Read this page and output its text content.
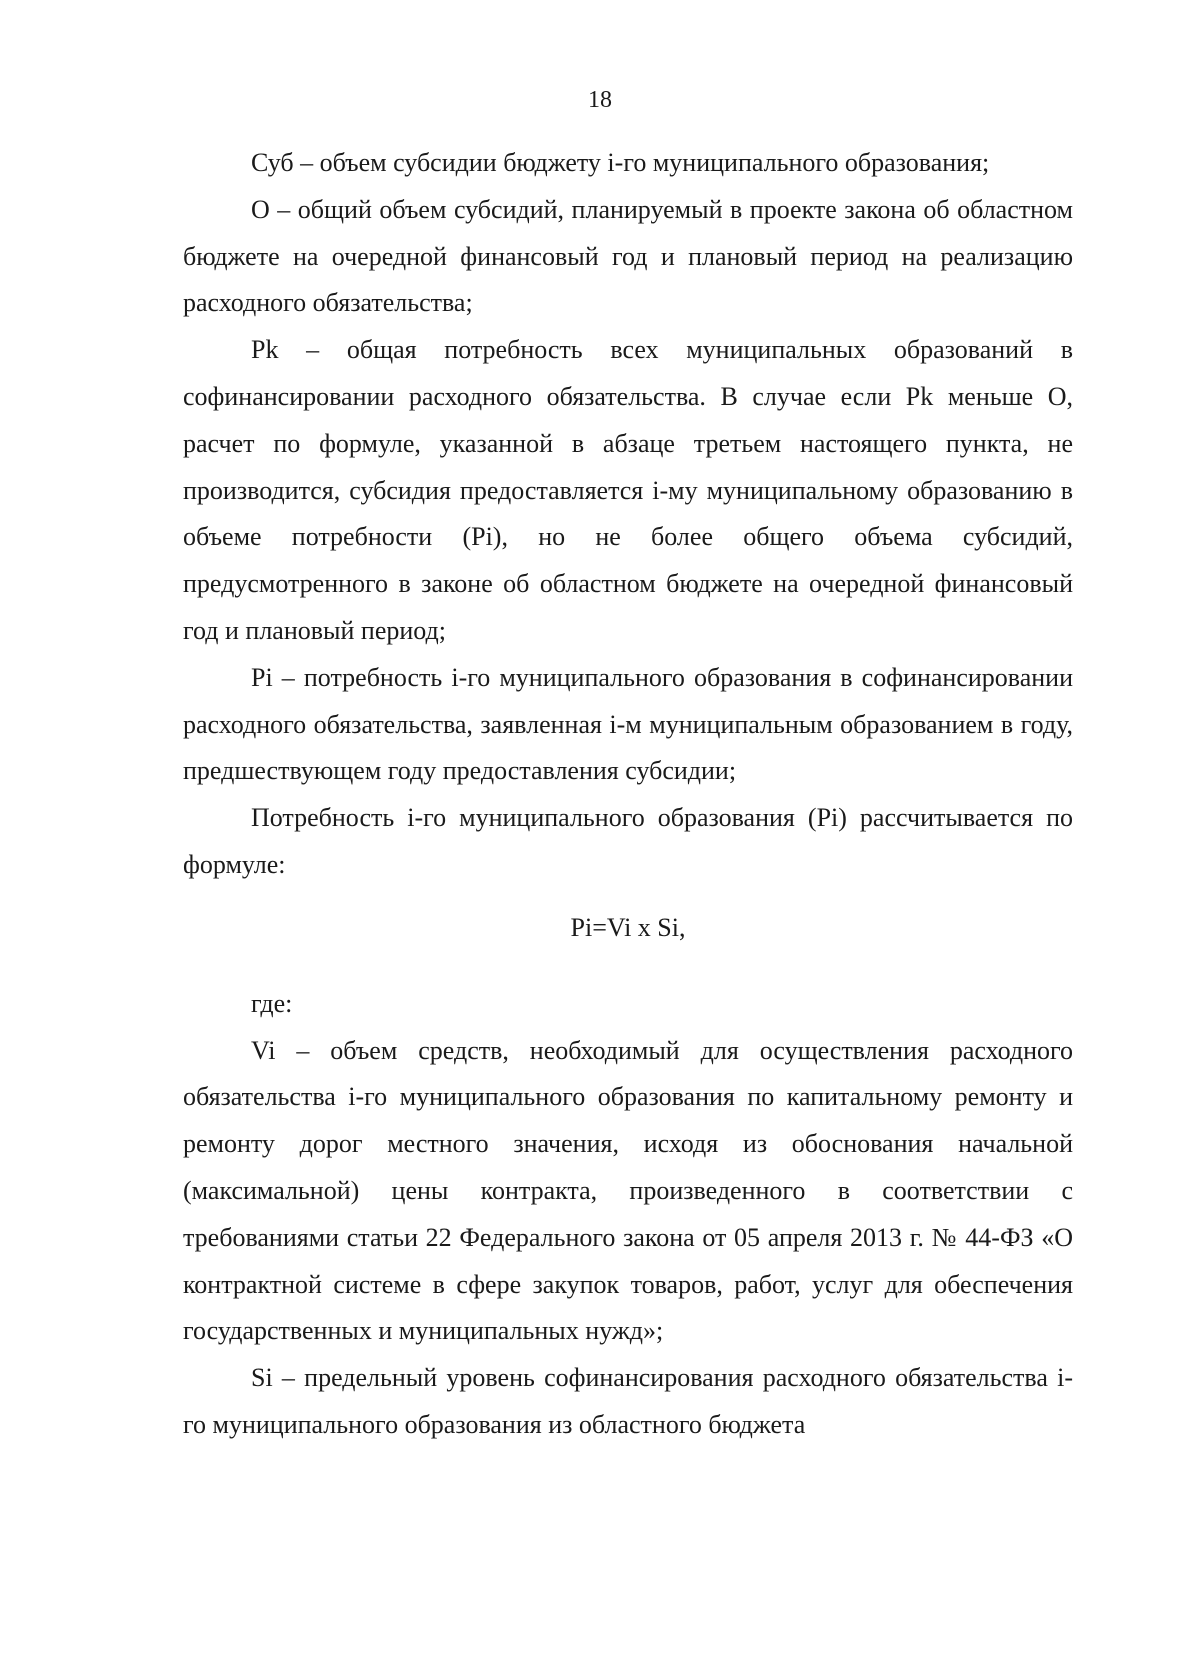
18

Суб – объем субсидии бюджету i-го муниципального образования;

О – общий объем субсидий, планируемый в проекте закона об областном бюджете на очередной финансовый год и плановый период на реализацию расходного обязательства;

Pk – общая потребность всех муниципальных образований в софинансировании расходного обязательства. В случае если Pk меньше О, расчет по формуле, указанной в абзаце третьем настоящего пункта, не производится, субсидия предоставляется i-му муниципальному образованию в объеме потребности (Pi), но не более общего объема субсидий, предусмотренного в законе об областном бюджете на очередной финансовый год и плановый период;

Pi – потребность i-го муниципального образования в софинансировании расходного обязательства, заявленная i-м муниципальным образованием в году, предшествующем году предоставления субсидии;

Потребность i-го муниципального образования (Pi) рассчитывается по формуле:

Pi=Vi x Si,

где:

Vi – объем средств, необходимый для осуществления расходного обязательства i-го муниципального образования по капитальному ремонту и ремонту дорог местного значения, исходя из обоснования начальной (максимальной) цены контракта, произведенного в соответствии с требованиями статьи 22 Федерального закона от 05 апреля 2013 г. № 44-ФЗ «О контрактной системе в сфере закупок товаров, работ, услуг для обеспечения государственных и муниципальных нужд»;

Si – предельный уровень софинансирования расходного обязательства i-го муниципального образования из областного бюджета
